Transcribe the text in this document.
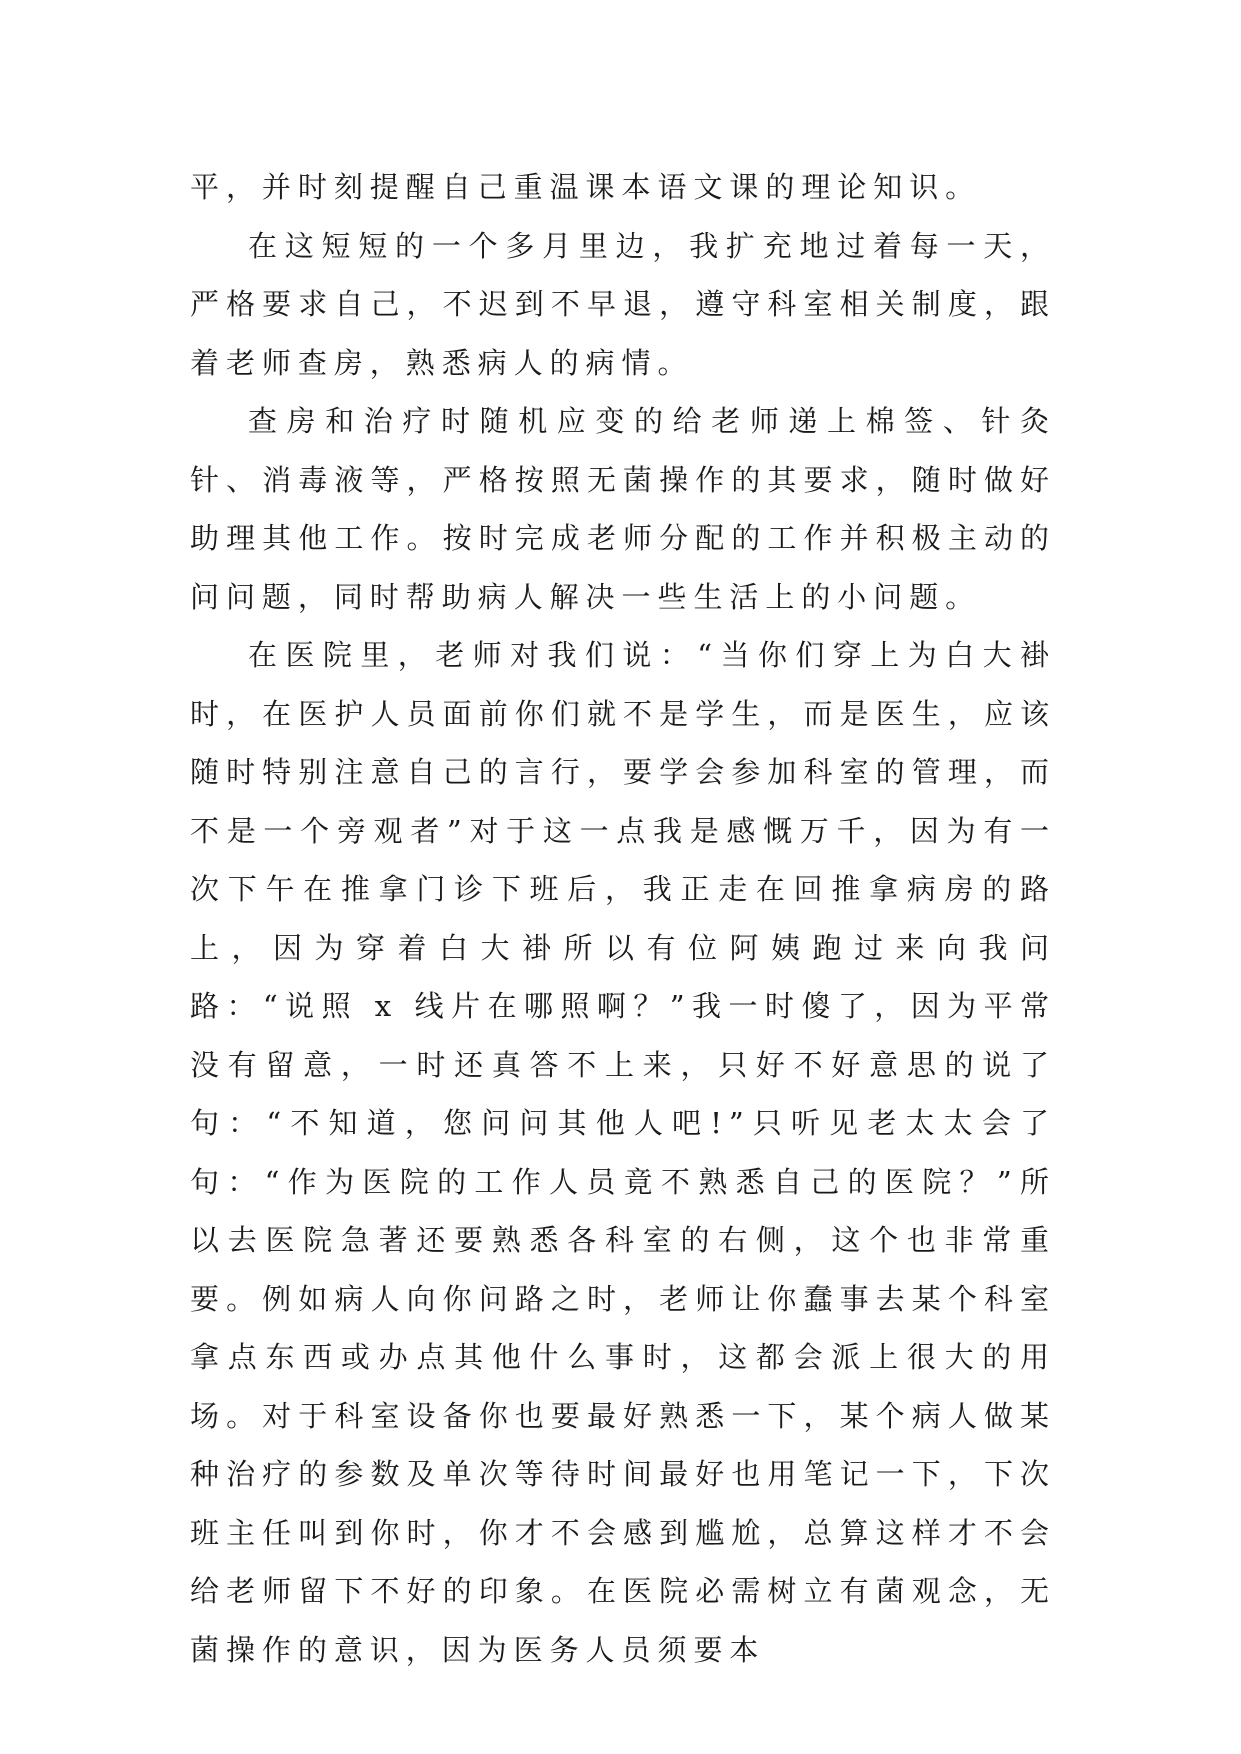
平，并时刻提醒自己重温课本语文课的理论知识。

在这短短的一个多月里边，我扩充地过着每一天，严格要求自己，不迟到不早退，遵守科室相关制度，跟着老师查房，熟悉病人的病情。

查房和治疗时随机应变的给老师递上棉签、针灸针、消毒液等，严格按照无菌操作的其要求，随时做好助理其他工作。按时完成老师分配的工作并积极主动的问问题，同时帮助病人解决一些生活上的小问题。

在医院里，老师对我们说：“当你们穿上为白大褂时，在医护人员面前你们就不是学生，而是医生，应该随时特别注意自己的言行，要学会参加科室的管理，而不是一个旁观者”对于这一点我是感慨万千，因为有一次下午在推拿门诊下班后，我正走在回推拿病房的路上，因为穿着白大褂所以有位阿姨跑过来向我问路：“说照 x 线片在哪照啊？”我一时傻了，因为平常没有留意，一时还真答不上来，只好不好意思的说了句：“不知道，您问问其他人吧!”只听见老太太会了句：“作为医院的工作人员竟不熟悉自己的医院？”所以去医院急著还要熟悉各科室的右侧，这个也非常重要。例如病人向你问路之时，老师让你蠢事去某个科室拿点东西或办点其他什么事时，这都会派上很大的用场。对于科室设备你也要最好熟悉一下，某个病人做某种治疗的参数及单次等待时间最好也用笔记一下，下次班主任叫到你时，你才不会感到尴尬，总算这样才不会给老师留下不好的印象。在医院必需树立有菌观念，无菌操作的意识，因为医务人员须要本
